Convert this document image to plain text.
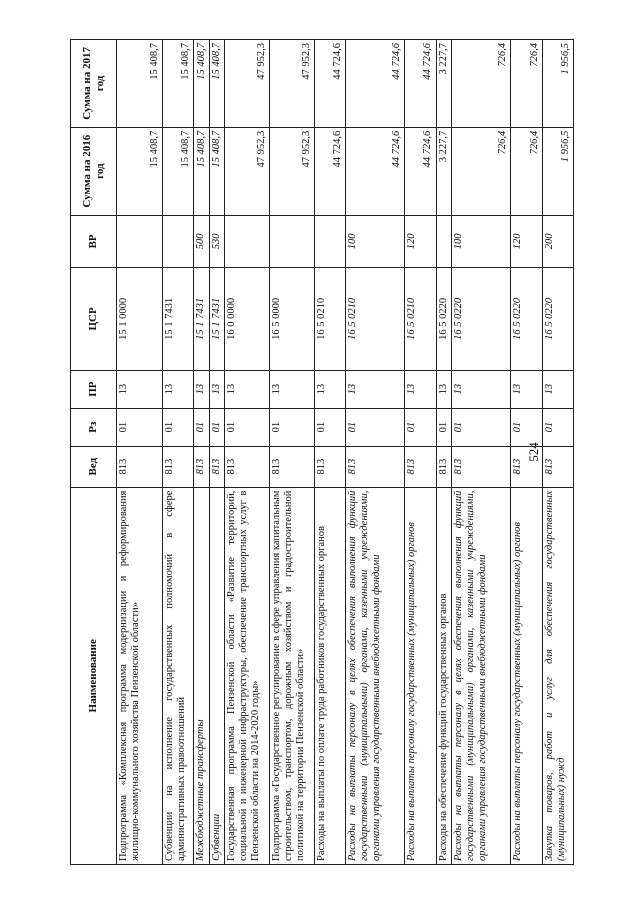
524
Наименование	Вед	Рз	ПР	ЦСР	ВР	Сумма на 2016 год	Сумма на 2017 год
Подпрограмма «Комплексная программа модернизации и реформирования жилищно-коммунального хозяйства Пензенской области»	813	01	13	15 1 0000		15 408,7	15 408,7
Субвенции на исполнение государственных полномочий в сфере административных правоотношений	813	01	13	15 1 7431		15 408,7	15 408,7
Межбюджетные трансферты	813	01	13	15 1 7431	500	15 408,7	15 408,7
Субвенции	813	01	13	15 1 7431	530	15 408,7	15 408,7
Государственная программа Пензенской области «Развитие территорий, социальной и инженерной инфраструктуры, обеспечение транспортных услуг в Пензенской области на 2014-2020 годы»	813	01	13	16 0 0000		47 952,3	47 952,3
Подпрограмма «Государственное регулирование в сфере управления капитальным строительством, транспортом, дорожным хозяйством и градостроительной политикой на территории Пензенской области»	813	01	13	16 5 0000		47 952,3	47 952,3
Расходы на выплаты по оплате труда работников государственных органов	813	01	13	16 5 0210		44 724,6	44 724,6
Расходы на выплаты персоналу в целях обеспечения выполнения функций государственными (муниципальными) органами, казенными учреждениями, органами управления государственными внебюджетными фондами	813	01	13	16 5 0210	100	44 724,6	44 724,6
Расходы на выплаты персоналу государственных (муниципальных) органов	813	01	13	16 5 0210	120	44 724,6	44 724,6
Расходы на обеспечение функций государственных органов	813	01	13	16 5 0220		3 227,7	3 227,7
Расходы на выплаты персоналу в целях обеспечения выполнения функций государственными (муниципальными) органами, казенными учреждениями, органами управления государственными внебюджетными фондами	813	01	13	16 5 0220	100	726,4	726,4
Расходы на выплаты персоналу государственных (муниципальных) органов	813	01	13	16 5 0220	120	726,4	726,4
Закупка товаров, работ и услуг для обеспечения государственных (муниципальных) нужд	813	01	13	16 5 0220	200	1 956,5	1 956,5
